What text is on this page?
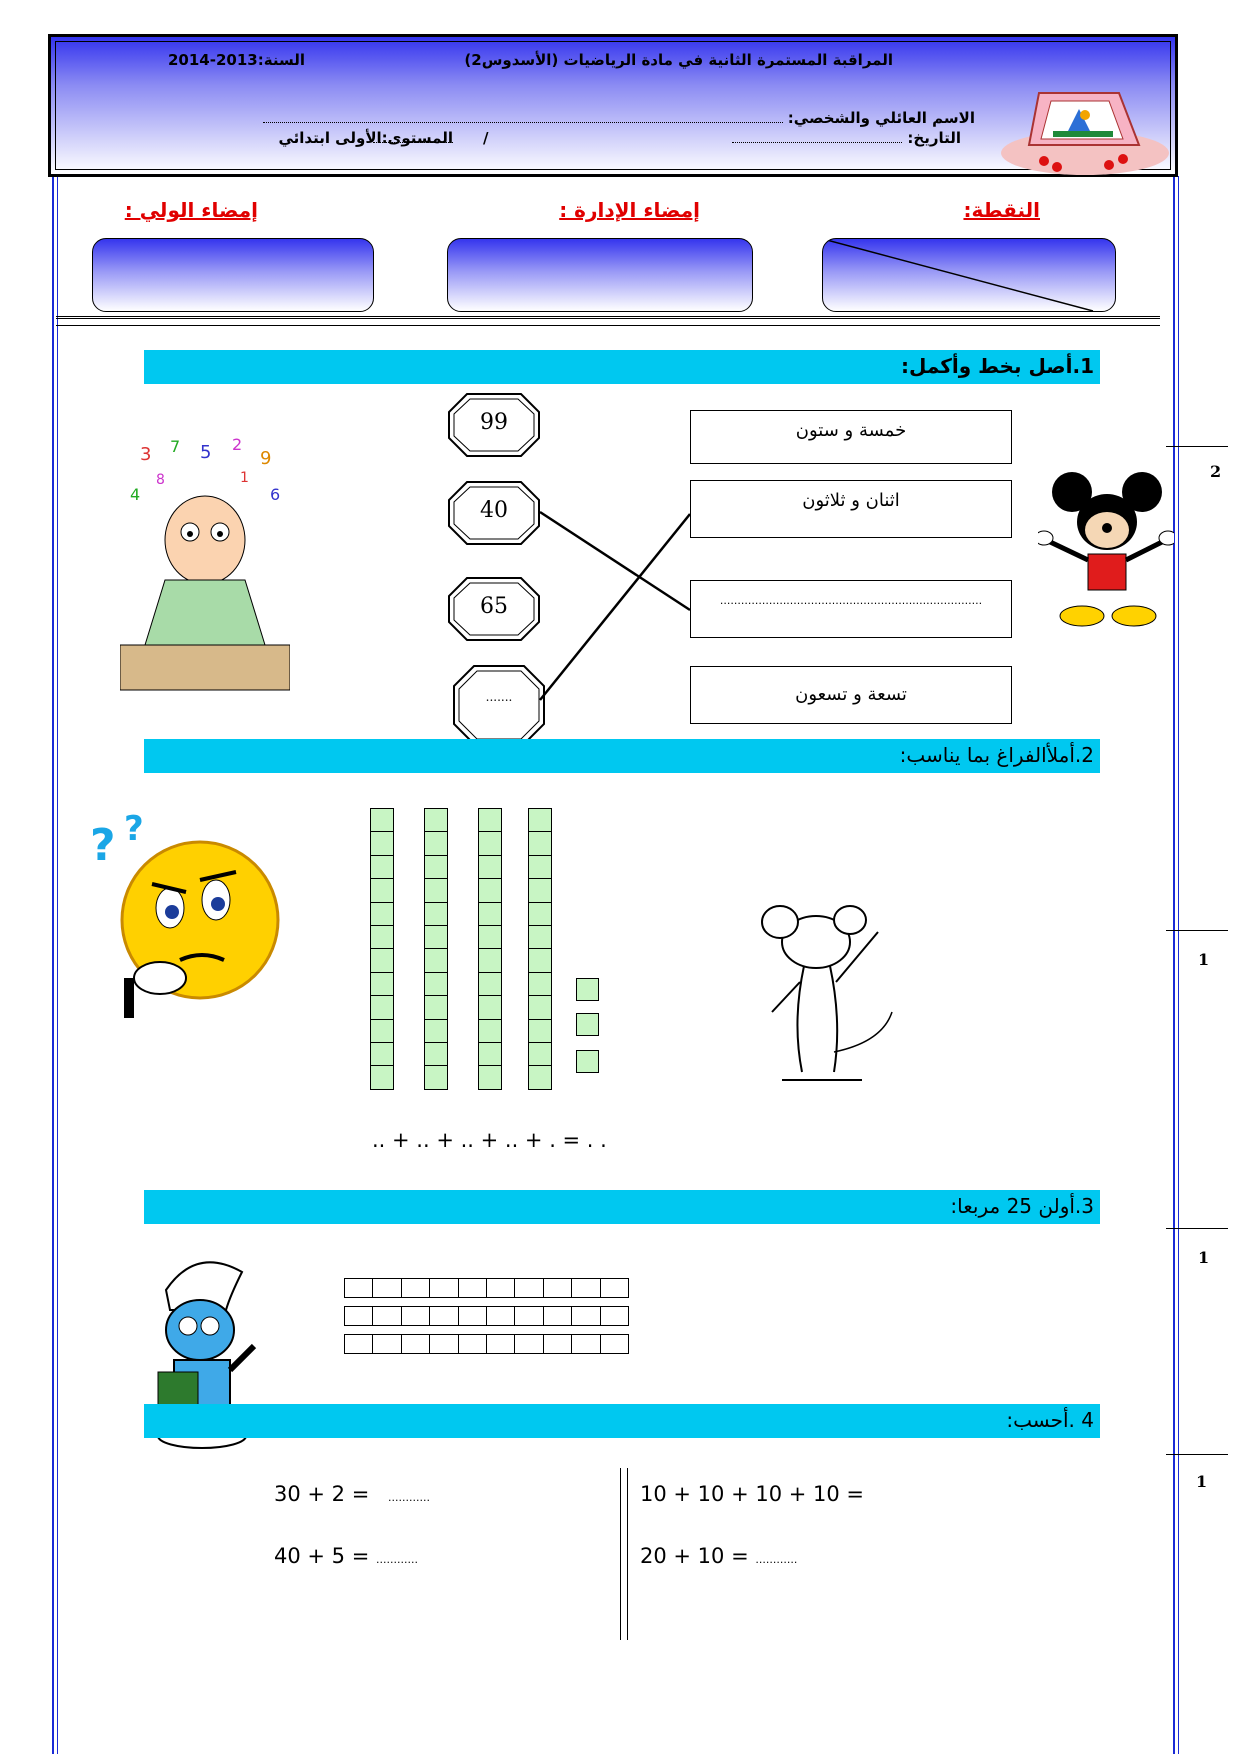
المراقبة المستمرة الثانية في مادة الرياضيات (الأسدوس2)
السنة:2013-2014
الاسم العائلي والشخصي:
التاريخ:
/
المستوى:الأولى ابتدائي
النقطة:
إمضاء الإدارة :
إمضاء الولي :
1.أصل بخط وأكمل:
3 7 5 2
9
4	6
8	1
99
40
65
.......
خمسة و ستون
اثنان و ثلاثون
...........................................................................
تسعة و تسعون
2.أملأالفراغ بما يناسب:
? ?
.. + .. + .. + .. + . = . .
3.أولن 25 مربعا:
4 .أحسب:
30 + 2 = ............
40 + 5 = ............
10 + 10 + 10 + 10 =
20 + 10 = ............
2
1
1
1
